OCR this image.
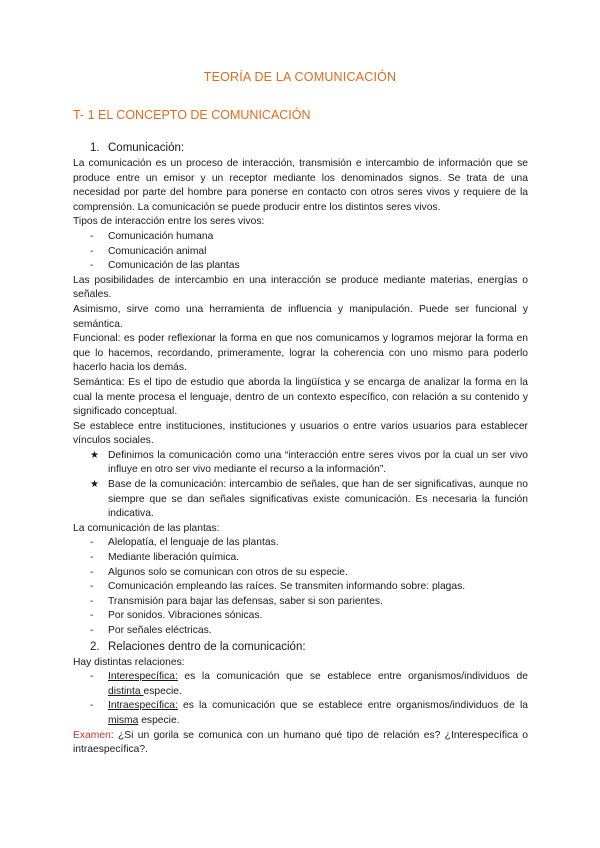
TEORÍA DE LA COMUNICACIÓN
T- 1 EL CONCEPTO DE COMUNICACIÓN
1. Comunicación:

La comunicación es un proceso de interacción, transmisión e intercambio de información que se produce entre un emisor y un receptor mediante los denominados signos. Se trata de una necesidad por parte del hombre para ponerse en contacto con otros seres vivos y requiere de la comprensión. La comunicación se puede producir entre los distintos seres vivos.

Tipos de interacción entre los seres vivos:

- Comunicación humana
- Comunicación animal
- Comunicación de las plantas

Las posibilidades de intercambio en una interacción se produce mediante materias, energías o señales.

Asimismo, sirve como una herramienta de influencia y manipulación. Puede ser funcional y semántica.

Funcional: es poder reflexionar la forma en que nos comunicamos y logramos mejorar la forma en que lo hacemos, recordando, primeramente, lograr la coherencia con uno mismo para poderlo hacerlo hacia los demás.

Semántica: Es el tipo de estudio que aborda la lingüística y se encarga de analizar la forma en la cual la mente procesa el lenguaje, dentro de un contexto específico, con relación a su contenido y significado conceptual.

Se establece entre instituciones, instituciones y usuarios o entre varios usuarios para establecer vínculos sociales.

★ Definimos la comunicación como una “interacción entre seres vivos por la cual un ser vivo influye en otro ser vivo mediante el recurso a la información”.
★ Base de la comunicación: intercambio de señales, que han de ser significativas, aunque no siempre que se dan señales significativas existe comunicación. Es necesaria la función indicativa.

La comunicación de las plantas:

- Alelopatía, el lenguaje de las plantas.
- Mediante liberación química.
- Algunos solo se comunican con otros de su especie.
- Comunicación empleando las raíces. Se transmiten informando sobre: plagas.
- Transmisión para bajar las defensas, saber si son parientes.
- Por sonidos. Vibraciones sónicas.
- Por señales eléctricas.
2. Relaciones dentro de la comunicación:

Hay distintas relaciones:

- Interespecífica: es la comunicación que se establece entre organismos/individuos de distinta especie.
- Intraespecífica: es la comunicación que se establece entre organismos/individuos de la misma especie.

Examen: ¿Si un gorila se comunica con un humano qué tipo de relación es? ¿Interespecífica o intraespecífica?.
